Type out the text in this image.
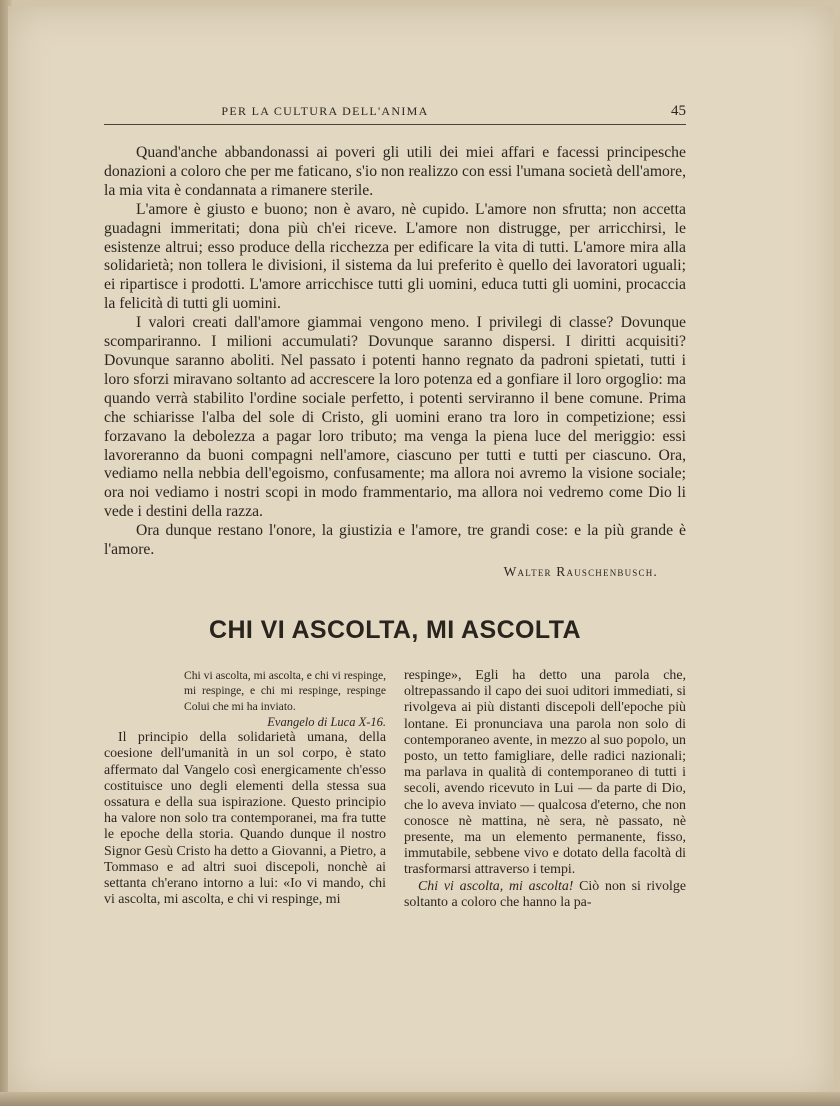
PER LA CULTURA DELL'ANIMA	45

Quand'anche abbandonassi ai poveri gli utili dei miei affari e facessi principesche donazioni a coloro che per me faticano, s'io non realizzo con essi l'umana società dell'amore, la mia vita è condannata a rimanere sterile.

L'amore è giusto e buono; non è avaro, nè cupido. L'amore non sfrutta; non accetta guadagni immeritati; dona più ch'ei riceve. L'amore non distrugge, per arricchirsi, le esistenze altrui; esso produce della ricchezza per edificare la vita di tutti. L'amore mira alla solidarietà; non tollera le divisioni, il sistema da lui preferito è quello dei lavoratori uguali; ei ripartisce i prodotti. L'amore arricchisce tutti gli uomini, educa tutti gli uomini, procaccia la felicità di tutti gli uomini.

I valori creati dall'amore giammai vengono meno. I privilegi di classe? Dovunque scompariranno. I milioni accumulati? Dovunque saranno dispersi. I diritti acquisiti? Dovunque saranno aboliti. Nel passato i potenti hanno regnato da padroni spietati, tutti i loro sforzi miravano soltanto ad accrescere la loro potenza ed a gonfiare il loro orgoglio: ma quando verrà stabilito l'ordine sociale perfetto, i potenti serviranno il bene comune. Prima che schiarisse l'alba del sole di Cristo, gli uomini erano tra loro in competizione; essi forzavano la debolezza a pagar loro tributo; ma venga la piena luce del meriggio: essi lavoreranno da buoni compagni nell'amore, ciascuno per tutti e tutti per ciascuno. Ora, vediamo nella nebbia dell'egoismo, confusamente; ma allora noi avremo la visione sociale; ora noi vediamo i nostri scopi in modo frammentario, ma allora noi vedremo come Dio li vede i destini della razza.

Ora dunque restano l'onore, la giustizia e l'amore, tre grandi cose: e la più grande è l'amore.

Walter Rauschenbusch.
CHI VI ASCOLTA, MI ASCOLTA

Chi vi ascolta, mi ascolta, e chi vi respinge, mi respinge, e chi mi respinge, respinge Colui che mi ha inviato.

Evangelo di Luca X-16.

Il principio della solidarietà umana, della coesione dell'umanità in un sol corpo, è stato affermato dal Vangelo così energicamente ch'esso costituisce uno degli elementi della stessa sua ossatura e della sua ispirazione. Questo principio ha valore non solo tra contemporanei, ma fra tutte le epoche della storia. Quando dunque il nostro Signor Gesù Cristo ha detto a Giovanni, a Pietro, a Tommaso e ad altri suoi discepoli, nonchè ai settanta ch'erano intorno a lui: «Io vi mando, chi vi ascolta, mi ascolta, e chi vi respinge, mi

respinge», Egli ha detto una parola che, oltrepassando il capo dei suoi uditori immediati, si rivolgeva ai più distanti discepoli dell'epoche più lontane. Ei pronunciava una parola non solo di contemporaneo avente, in mezzo al suo popolo, un posto, un tetto famigliare, delle radici nazionali; ma parlava in qualità di contemporaneo di tutti i secoli, avendo ricevuto in Lui — da parte di Dio, che lo aveva inviato — qualcosa d'eterno, che non conosce nè mattina, nè sera, nè passato, nè presente, ma un elemento permanente, fisso, immutabile, sebbene vivo e dotato della facoltà di trasformarsi attraverso i tempi.

Chi vi ascolta, mi ascolta! Ciò non si rivolge soltanto a coloro che hanno la pa-
